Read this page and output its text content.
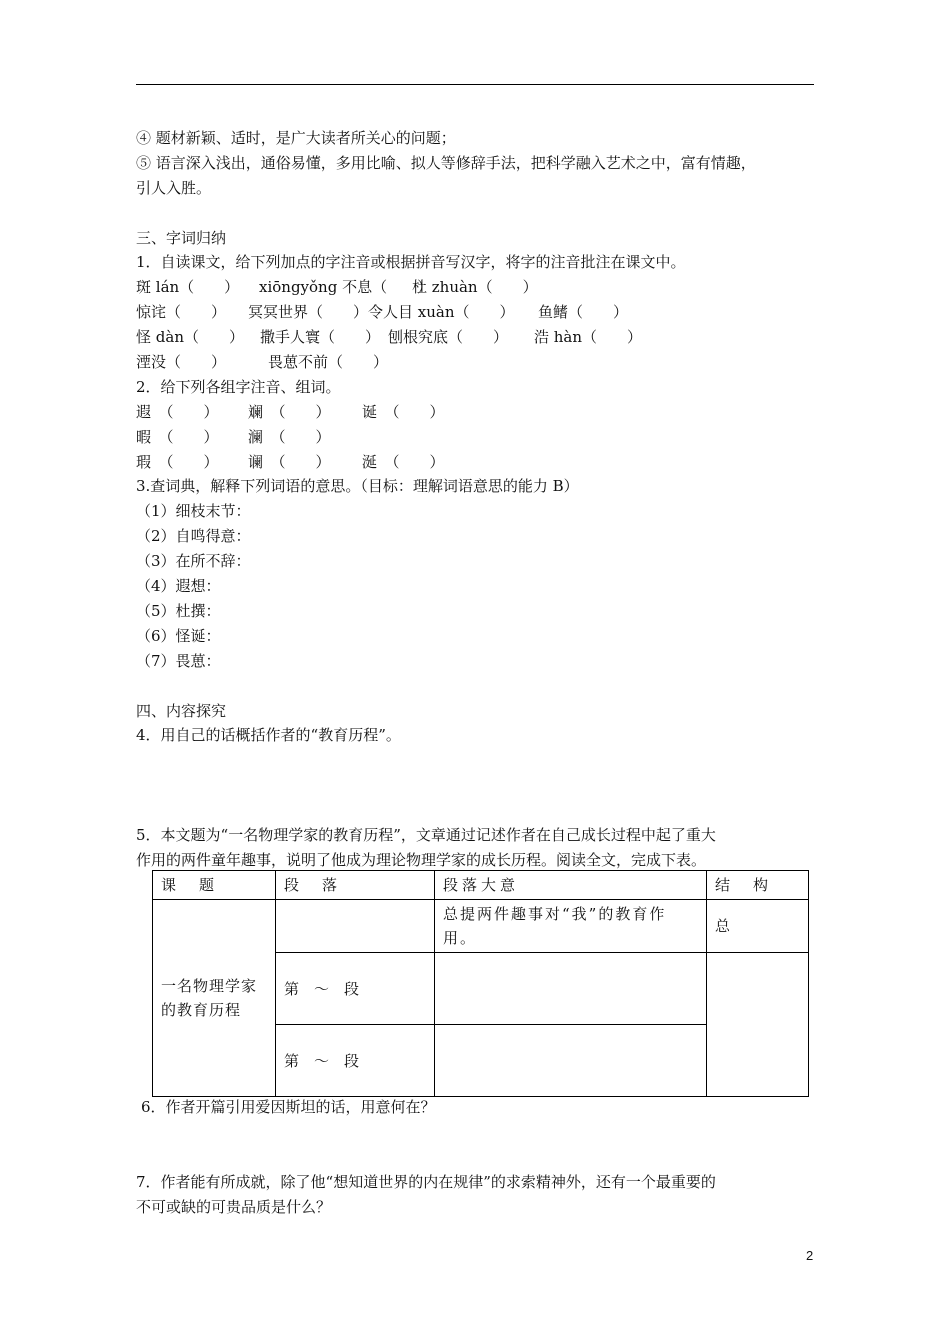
④ 题材新颖、适时，是广大读者所关心的问题；
⑤ 语言深入浅出，通俗易懂，多用比喻、拟人等修辞手法，把科学融入艺术之中，富有情趣，
引人入胜。
三、字词归纳
1．自读课文，给下列加点的字注音或根据拼音写汉字，将字的注音批注在课文中。
斑 lán（　　） xiōngyǒng 不息（　　）杜 zhuàn（　　）
惊诧（　　） 冥冥世界（　　）令人目 xuàn（　　） 鱼鳍（　　）
怪 dàn（　　） 撒手人寰（　　） 刨根究底（　　） 浩 hàn（　　）
湮没（　　）	畏葸不前（　　）
2．给下列各组字注音、组词。
遐　（　　） 斓　（　　） 诞　（　　）
暇　（　　） 澜　（　　）
瑕　（　　） 谰　（　　） 涎　（　　）
3.查词典，解释下列词语的意思。（目标：理解词语意思的能力 B）
（1）细枝末节：
（2）自鸣得意：
（3）在所不辞：
（4）遐想：
（5）杜撰：
（6）怪诞：
（7）畏葸：
四、内容探究
4．用自己的话概括作者的“教育历程”。
5．本文题为“一名物理学家的教育历程”，文章通过记述作者在自己成长过程中起了重大
作用的两件童年趣事，说明了他成为理论物理学家的成长历程。阅读全文，完成下表。
课　题	段　落	段落大意	结　构
一名物理学家的教育历程		总提两件趣事对“我”的教育作用。	总
	第　～　段		
	第　～　段		
6．作者开篇引用爱因斯坦的话，用意何在？
7．作者能有所成就，除了他“想知道世界的内在规律”的求索精神外，还有一个最重要的
不可或缺的可贵品质是什么？
2
